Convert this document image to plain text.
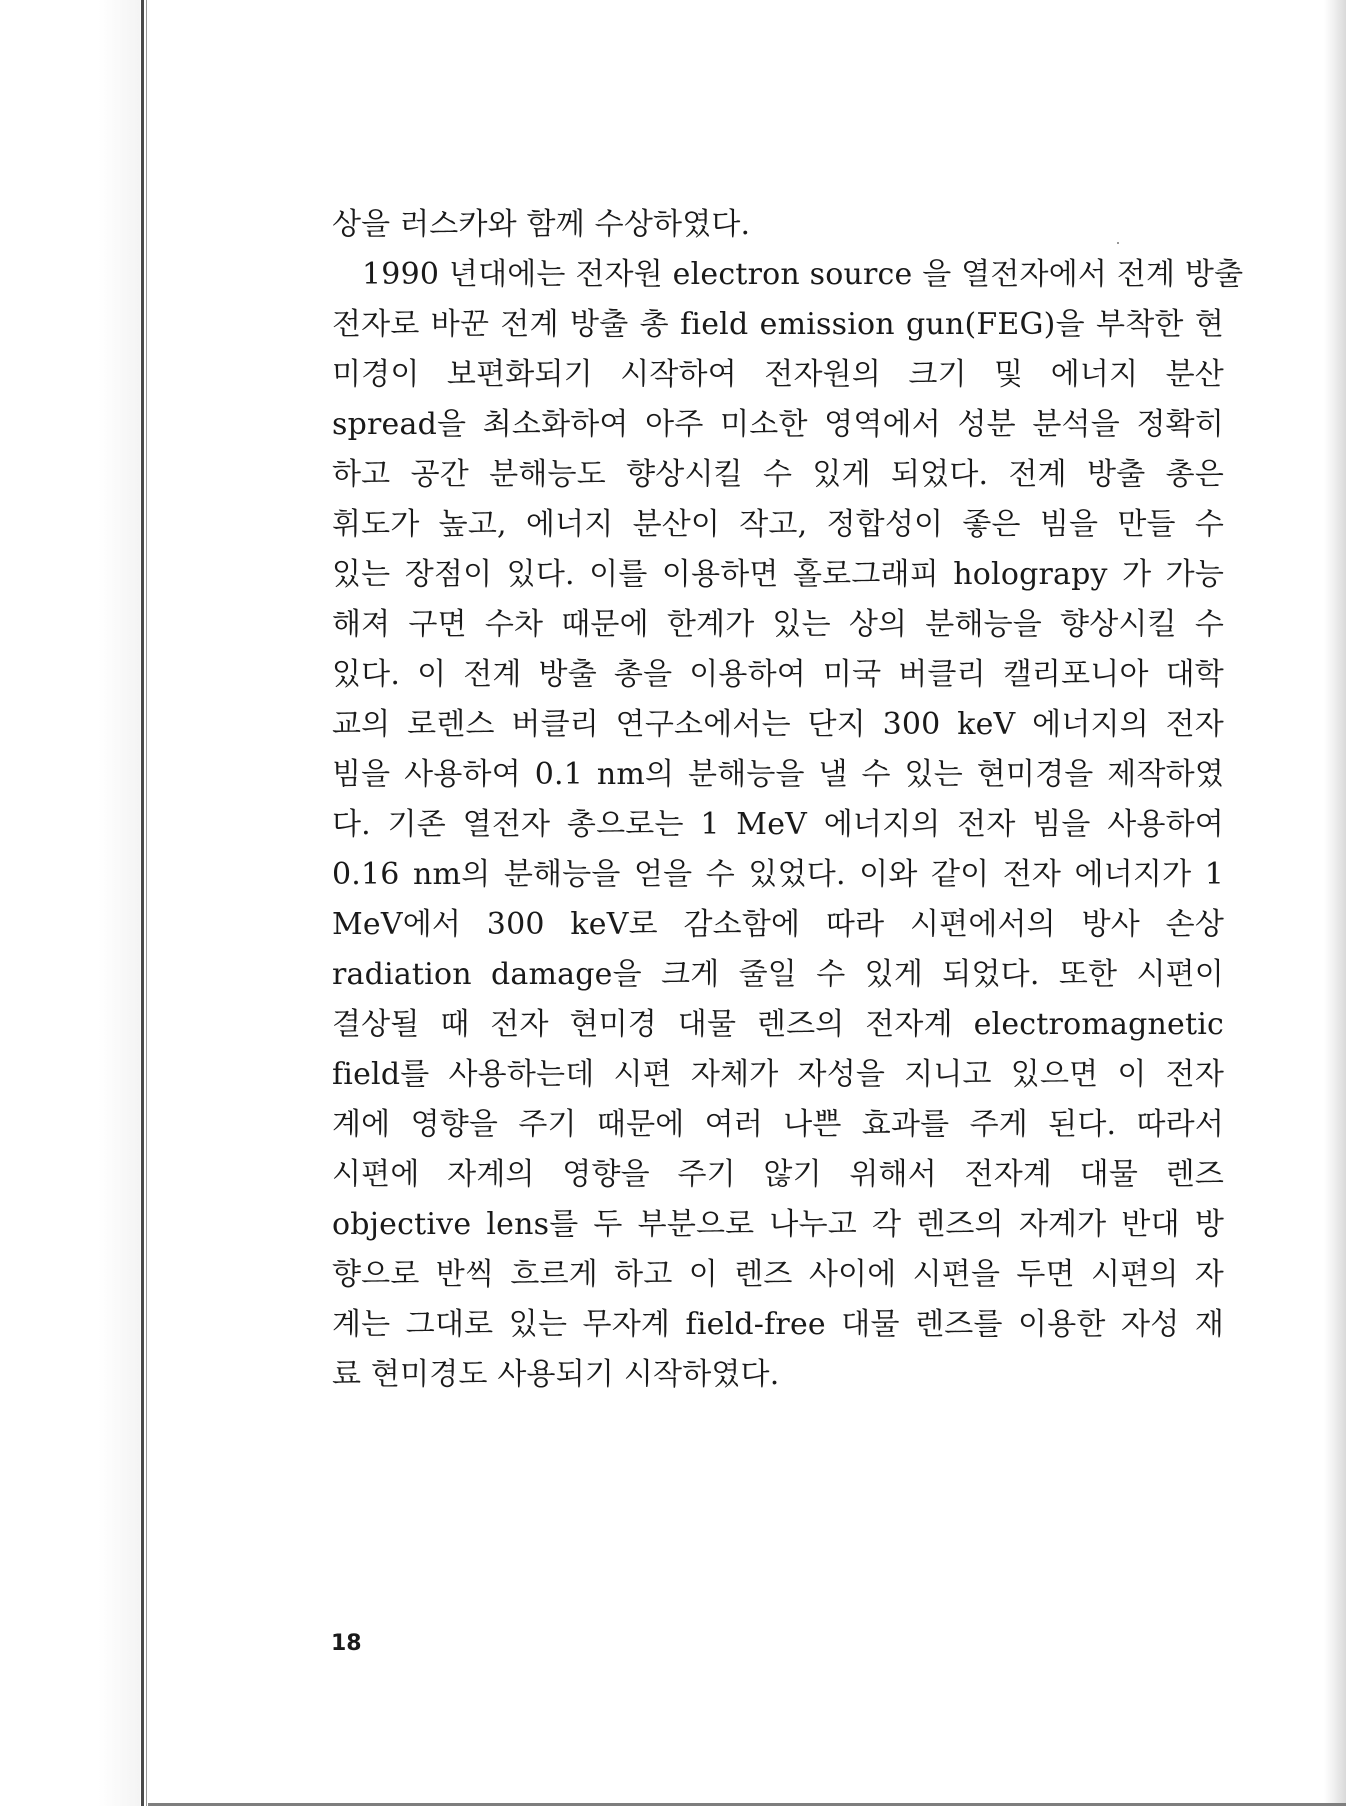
상을 러스카와 함께 수상하였다.
1990 년대에는 전자원 electron source 을 열전자에서 전계 방출
전자로 바꾼 전계 방출 총 field emission gun(FEG)을 부착한 현
미경이 보편화되기 시작하여 전자원의 크기 및 에너지 분산
spread을 최소화하여 아주 미소한 영역에서 성분 분석을 정확히
하고 공간 분해능도 향상시킬 수 있게 되었다. 전계 방출 총은
휘도가 높고, 에너지 분산이 작고, 정합성이 좋은 빔을 만들 수
있는 장점이 있다. 이를 이용하면 홀로그래피 holograpy 가 가능
해져 구면 수차 때문에 한계가 있는 상의 분해능을 향상시킬 수
있다. 이 전계 방출 총을 이용하여 미국 버클리 캘리포니아 대학
교의 로렌스 버클리 연구소에서는 단지 300 keV 에너지의 전자
빔을 사용하여 0.1 nm의 분해능을 낼 수 있는 현미경을 제작하였
다. 기존 열전자 총으로는 1 MeV 에너지의 전자 빔을 사용하여
0.16 nm의 분해능을 얻을 수 있었다. 이와 같이 전자 에너지가 1
MeV에서 300 keV로 감소함에 따라 시편에서의 방사 손상
radiation damage을 크게 줄일 수 있게 되었다. 또한 시편이
결상될 때 전자 현미경 대물 렌즈의 전자계 electromagnetic
field를 사용하는데 시편 자체가 자성을 지니고 있으면 이 전자
계에 영향을 주기 때문에 여러 나쁜 효과를 주게 된다. 따라서
시편에 자계의 영향을 주기 않기 위해서 전자계 대물 렌즈
objective lens를 두 부분으로 나누고 각 렌즈의 자계가 반대 방
향으로 반씩 흐르게 하고 이 렌즈 사이에 시편을 두면 시편의 자
계는 그대로 있는 무자계 field-free 대물 렌즈를 이용한 자성 재
료 현미경도 사용되기 시작하였다.
18
